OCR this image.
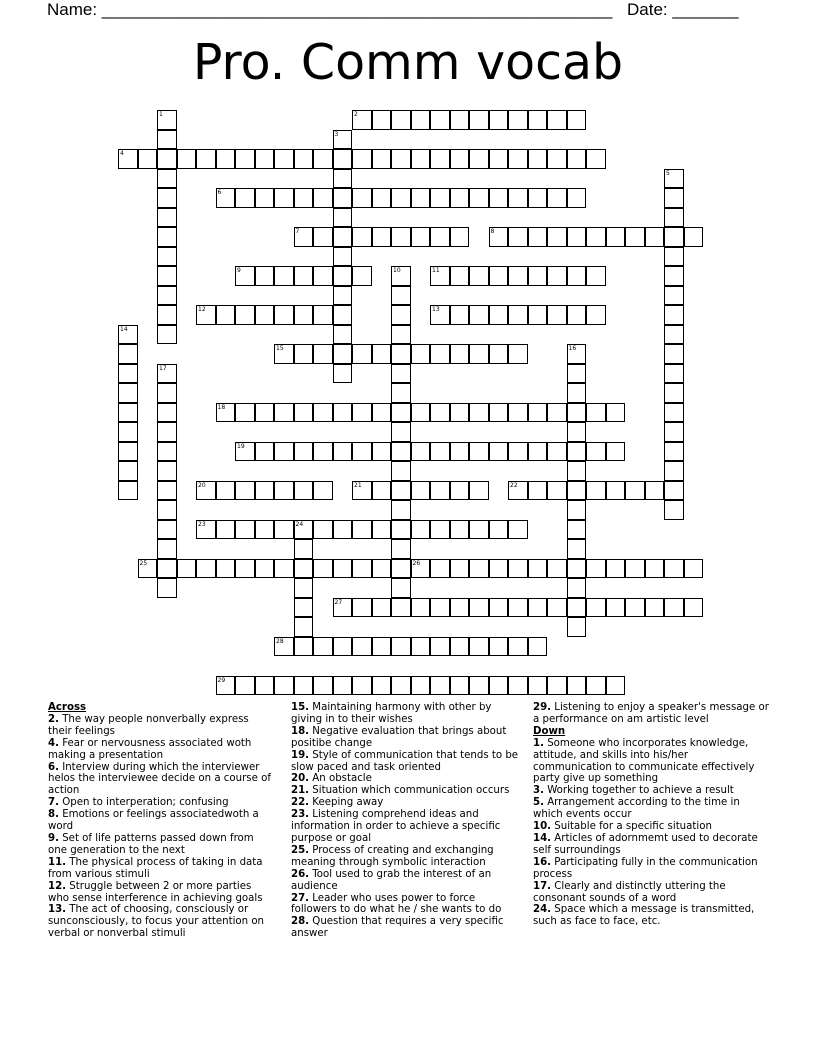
Name: ______________________________________________________ Date: _______
Pro. Comm vocab
1	2
3
4
5
6
7	8
9	10	11
12	13
14
15	16
17
18
19
20	21	22
23	24
25	26
27
28
29
Across
2. The way people nonverbally express their feelings
4. Fear or nervousness associated woth making a presentation
6. Interview during which the interviewer helos the interviewee decide on a course of action
7. Open to interperation; confusing
8. Emotions or feelings associatedwoth a word
9. Set of life patterns passed down from one generation to the next
11. The physical process of taking in data from various stimuli
12. Struggle between 2 or more parties who sense interference in achieving goals
13. The act of choosing, consciously or sunconsciously, to focus your attention on verbal or nonverbal stimuli
15. Maintaining harmony with other by giving in to their wishes
18. Negative evaluation that brings about positibe change
19. Style of communication that tends to be slow paced and task oriented
20. An obstacle
21. Situation which communication occurs
22. Keeping away
23. Listening comprehend ideas and information in order to achieve a specific purpose or goal
25. Process of creating and exchanging meaning through symbolic interaction
26. Tool used to grab the interest of an audience
27. Leader who uses power to force followers to do what he / she wants to do
28. Question that requires a very specific answer
29. Listening to enjoy a speaker's message or a performance on am artistic level
Down
1. Someone who incorporates knowledge, attitude, and skills into his/her communication to communicate effectively party give up something
3. Working together to achieve a result
5. Arrangement according to the time in which events occur
10. Suitable for a specific situation
14. Articles of adornmemt used to decorate self surroundings
16. Participating fully in the communication process
17. Clearly and distinctly uttering the consonant sounds of a word
24. Space which a message is transmitted, such as face to face, etc.
